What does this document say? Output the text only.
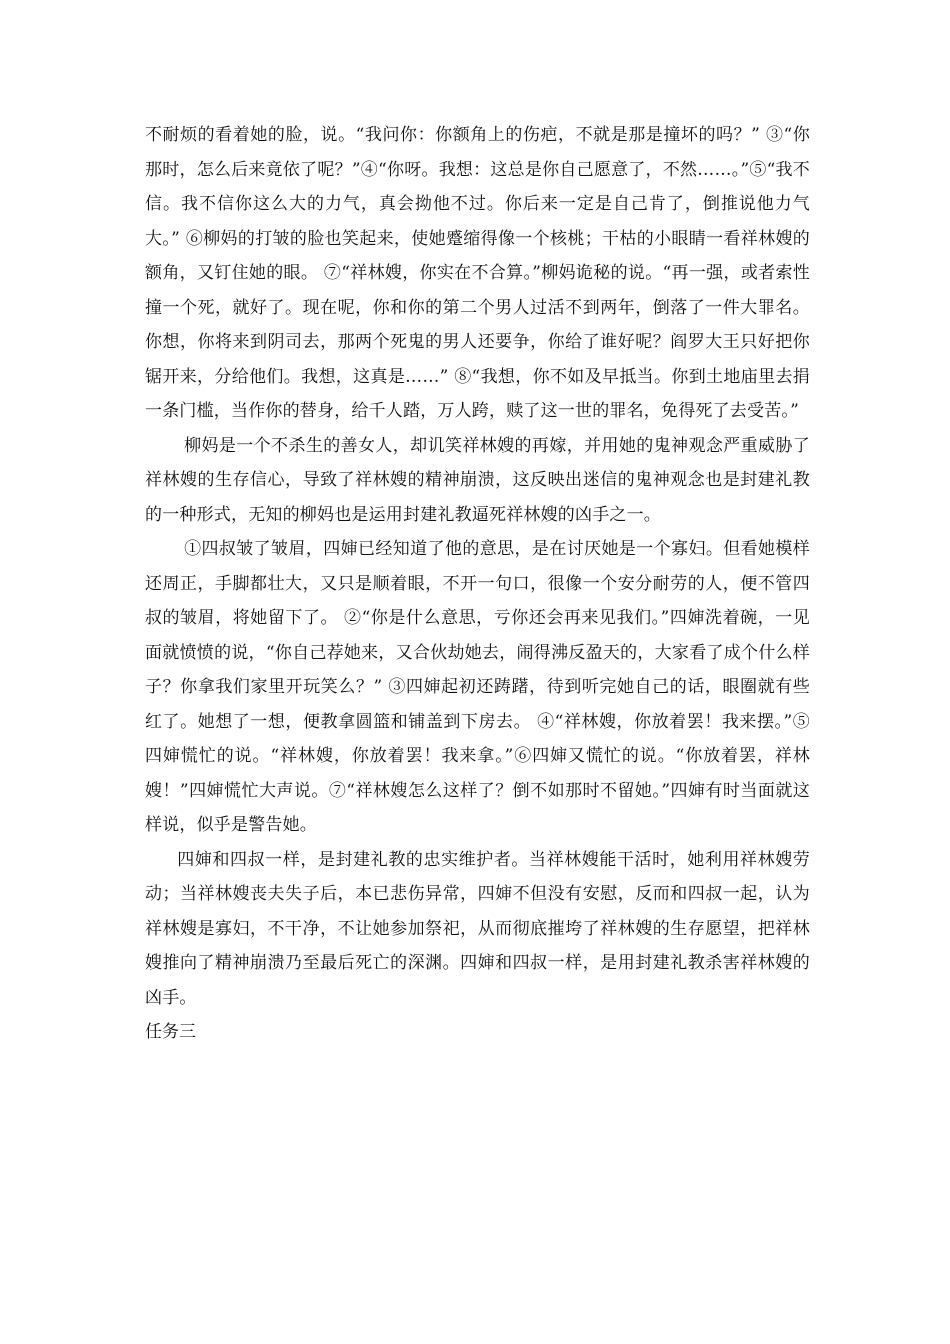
不耐烦的看着她的脸，说。“我问你：你额角上的伤疤，不就是那是撞坏的吗？” ③“你那时，怎么后来竟依了呢？”④“你呀。我想：这总是你自己愿意了，不然……。”⑤“我不信。我不信你这么大的力气，真会拗他不过。你后来一定是自己肯了，倒推说他力气大。” ⑥柳妈的打皱的脸也笑起来，使她蹙缩得像一个核桃；干枯的小眼睛一看祥林嫂的额角，又钉住她的眼。 ⑦“祥林嫂，你实在不合算。”柳妈诡秘的说。“再一强，或者索性撞一个死，就好了。现在呢，你和你的第二个男人过活不到两年，倒落了一件大罪名。你想，你将来到阴司去，那两个死鬼的男人还要争，你给了谁好呢？阎罗大王只好把你锯开来，分给他们。我想，这真是……” ⑧“我想，你不如及早抵当。你到土地庙里去捐一条门槛，当作你的替身，给千人踏，万人跨，赎了这一世的罪名，免得死了去受苦。”

柳妈是一个不杀生的善女人，却讥笑祥林嫂的再嫁，并用她的鬼神观念严重威胁了祥林嫂的生存信心，导致了祥林嫂的精神崩溃，这反映出迷信的鬼神观念也是封建礼教的一种形式，无知的柳妈也是运用封建礼教逼死祥林嫂的凶手之一。

①四叔皱了皱眉，四婶已经知道了他的意思，是在讨厌她是一个寡妇。但看她模样还周正，手脚都壮大，又只是顺着眼，不开一句口，很像一个安分耐劳的人，便不管四叔的皱眉，将她留下了。 ②“你是什么意思，亏你还会再来见我们。”四婶洗着碗，一见面就愤愤的说，“你自己荐她来，又合伙劫她去，闹得沸反盈天的，大家看了成个什么样子？你拿我们家里开玩笑么？” ③四婶起初还踌躇，待到听完她自己的话，眼圈就有些红了。她想了一想，便教拿圆篮和铺盖到下房去。 ④“祥林嫂，你放着罢！我来摆。”⑤四婶慌忙的说。“祥林嫂，你放着罢！我来拿。”⑥四婶又慌忙的说。“你放着罢，祥林嫂！”四婶慌忙大声说。⑦“祥林嫂怎么这样了？倒不如那时不留她。”四婶有时当面就这样说，似乎是警告她。

四婶和四叔一样，是封建礼教的忠实维护者。当祥林嫂能干活时，她利用祥林嫂劳动；当祥林嫂丧夫失子后，本已悲伤异常，四婶不但没有安慰，反而和四叔一起，认为祥林嫂是寡妇，不干净，不让她参加祭祀，从而彻底摧垮了祥林嫂的生存愿望，把祥林嫂推向了精神崩溃乃至最后死亡的深渊。四婶和四叔一样，是用封建礼教杀害祥林嫂的凶手。

任务三
